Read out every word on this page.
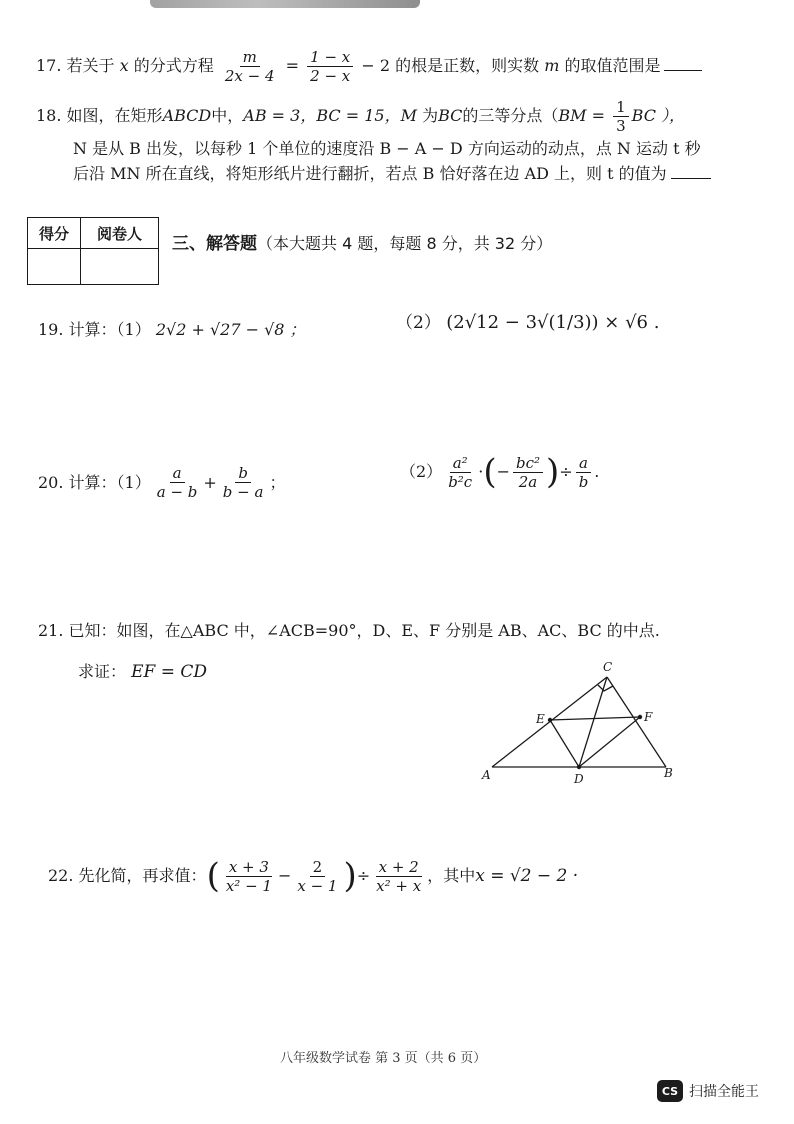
17. 若关于 x 的分式方程 $\frac{m}{2x - 4} = \frac{1 - x}{2 - x} - 2$ 的根是正数，则实数 m 的取值范围是
18. 如图，在矩形ABCD中，AB = 3，BC = 15，M 为BC的三等分点（$BM = \frac{1}{3}$ BC ），
N 是从 B 出发，以每秒 1 个单位的速度沿 B − A − D 方向运动的动点，点 N 运动 t 秒
后沿 MN 所在直线，将矩形纸片进行翻折，若点 B 恰好落在边 AD 上，则 t 的值为
得分	阅卷人
三、解答题（本大题共 4 题，每题 8 分，共 32 分）
19. 计算：（1） 2√2 + √27 − √8 ；	（2） (2√12 − 3√(1/3)) × √6 .
20.
计算：$(1) \frac{a}{a - b} + \frac{b}{b - a}$ ；
$(2) \frac{\text{a²}}{\text{b²c}}$ · ( − $\frac{\text{bc²}}{2a}$ ) ÷ $\frac{a}{b}$ .
21. 已知：如图，在△ABC 中，∠ACB=90°，D、E、F 分别是 AB、AC、BC 的中点.
求证： EF = CD	C
E	F
A	D	B
22.
先化简，再求值： ( $\frac{x + 3}{\text{x² − 1}} - \frac{2}{x - 1}$ ) ÷ $\frac{x + 2}{\text{x² + x}}$ ，其中 x = √2 − 2 ·
八年级数学试卷 第 3 页（共 6 页）
CS 扫描全能王
